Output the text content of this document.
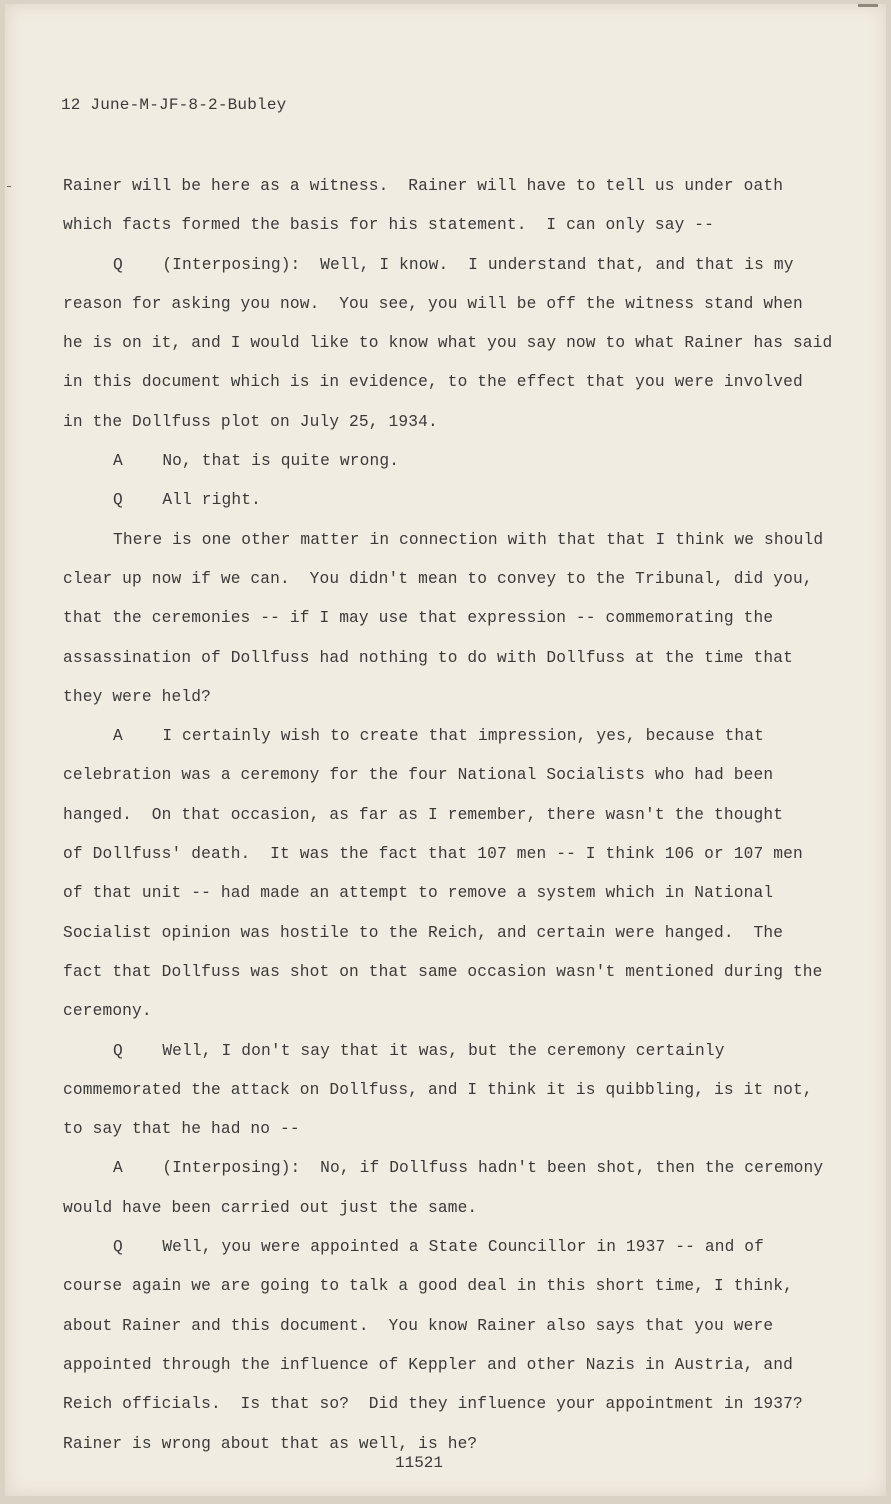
12 June-M-JF-8-2-Bubley
Rainer will be here as a witness.  Rainer will have to tell us under oath
which facts formed the basis for his statement.  I can only say --
Q    (Interposing):  Well, I know.  I understand that, and that is my
reason for asking you now.  You see, you will be off the witness stand when
he is on it, and I would like to know what you say now to what Rainer has said
in this document which is in evidence, to the effect that you were involved
in the Dollfuss plot on July 25, 1934.
A    No, that is quite wrong.
Q    All right.
There is one other matter in connection with that that I think we should
clear up now if we can.  You didn't mean to convey to the Tribunal, did you,
that the ceremonies -- if I may use that expression -- commemorating the
assassination of Dollfuss had nothing to do with Dollfuss at the time that
they were held?
A    I certainly wish to create that impression, yes, because that
celebration was a ceremony for the four National Socialists who had been
hanged.  On that occasion, as far as I remember, there wasn't the thought
of Dollfuss' death.  It was the fact that 107 men -- I think 106 or 107 men
of that unit -- had made an attempt to remove a system which in National
Socialist opinion was hostile to the Reich, and certain were hanged.  The
fact that Dollfuss was shot on that same occasion wasn't mentioned during the
ceremony.
Q    Well, I don't say that it was, but the ceremony certainly
commemorated the attack on Dollfuss, and I think it is quibbling, is it not,
to say that he had no --
A    (Interposing):  No, if Dollfuss hadn't been shot, then the ceremony
would have been carried out just the same.
Q    Well, you were appointed a State Councillor in 1937 -- and of
course again we are going to talk a good deal in this short time, I think,
about Rainer and this document.  You know Rainer also says that you were
appointed through the influence of Keppler and other Nazis in Austria, and
Reich officials.  Is that so?  Did they influence your appointment in 1937?
Rainer is wrong about that as well, is he?
11521
